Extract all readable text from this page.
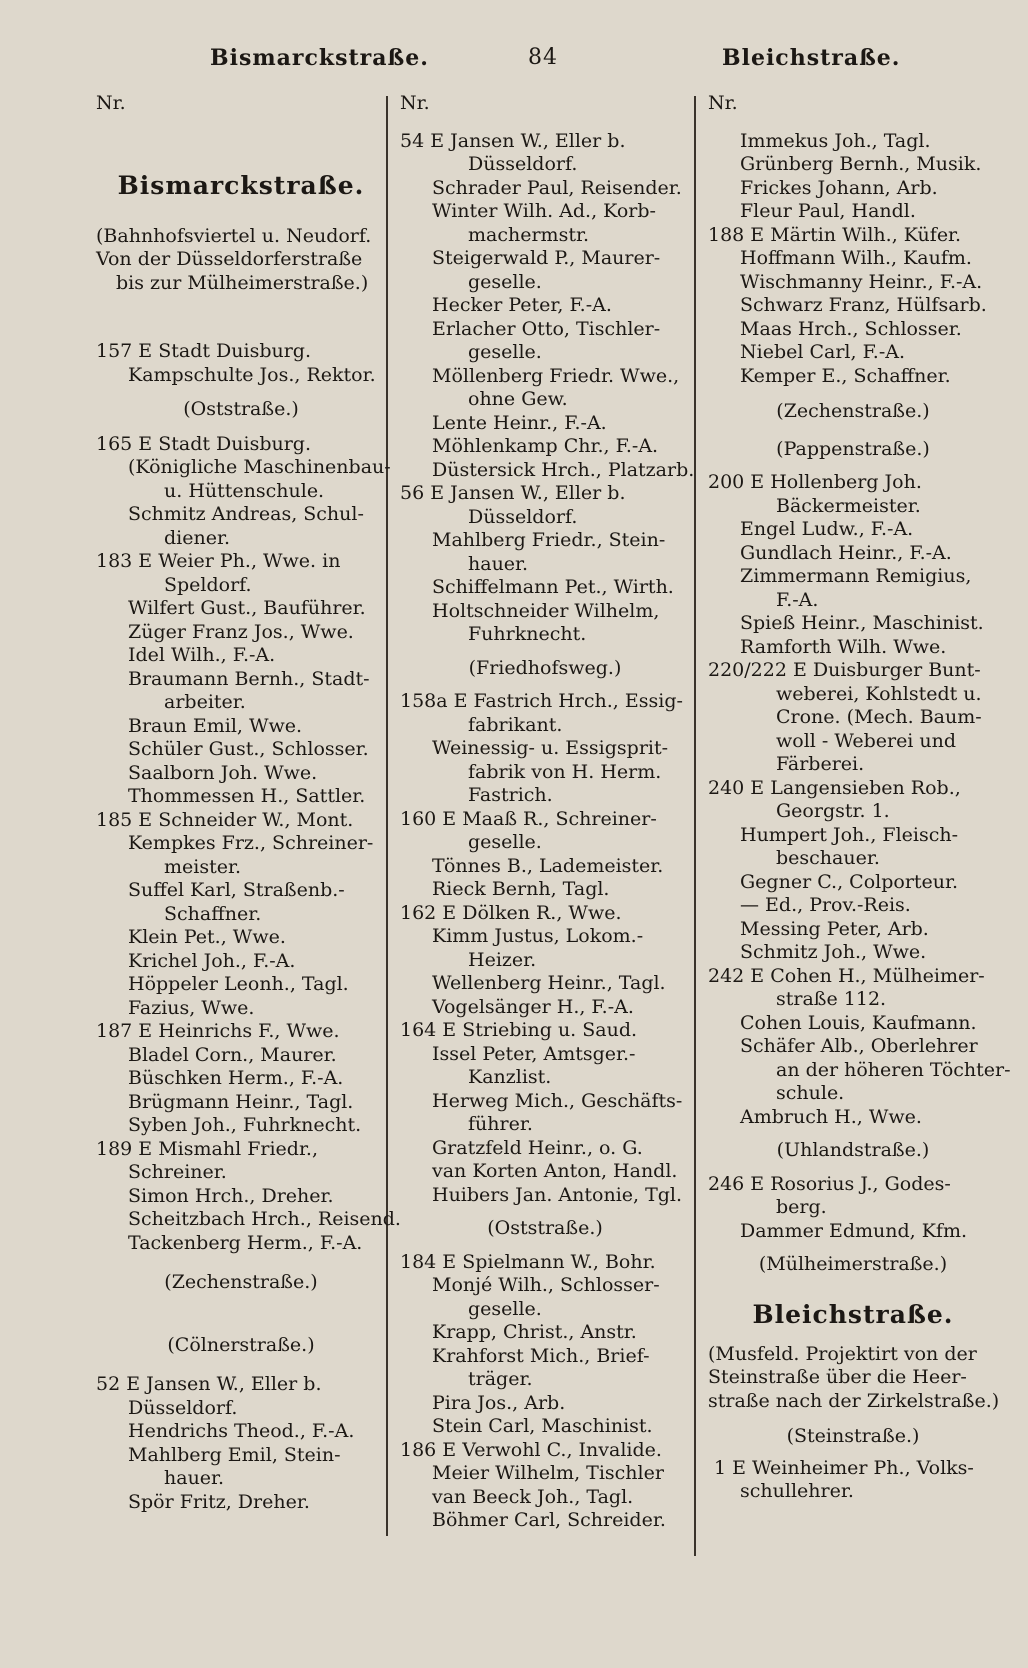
Bismarckstraße.	84	Bleichstraße.
Nr.
Bismarckstraße.
(Bahnhofsviertel u. Neudorf.
Von der Düsseldorferstraße
bis zur Mülheimerstraße.)
157 E Stadt Duisburg.
Kampschulte Jos., Rektor.
(Oststraße.)
165 E Stadt Duisburg.
(Königliche Maschinenbau-
u. Hüttenschule.
Schmitz Andreas, Schul-
diener.
183 E Weier Ph., Wwe. in
Speldorf.
Wilfert Gust., Bauführer.
Züger Franz Jos., Wwe.
Idel Wilh., F.-A.
Braumann Bernh., Stadt-
arbeiter.
Braun Emil, Wwe.
Schüler Gust., Schlosser.
Saalborn Joh. Wwe.
Thommessen H., Sattler.
185 E Schneider W., Mont.
Kempkes Frz., Schreiner-
meister.
Suffel Karl, Straßenb.-
Schaffner.
Klein Pet., Wwe.
Krichel Joh., F.-A.
Höppeler Leonh., Tagl.
Fazius, Wwe.
187 E Heinrichs F., Wwe.
Bladel Corn., Maurer.
Büschken Herm., F.-A.
Brügmann Heinr., Tagl.
Syben Joh., Fuhrknecht.
189 E Mismahl Friedr.,
Schreiner.
Simon Hrch., Dreher.
Scheitzbach Hrch., Reisend.
Tackenberg Herm., F.-A.
(Zechenstraße.)
(Cölnerstraße.)
52 E Jansen W., Eller b.
Düsseldorf.
Hendrichs Theod., F.-A.
Mahlberg Emil, Stein-
hauer.
Spör Fritz, Dreher.
Nr.
54 E Jansen W., Eller b.
Düsseldorf.
Schrader Paul, Reisender.
Winter Wilh. Ad., Korb-
machermstr.
Steigerwald P., Maurer-
geselle.
Hecker Peter, F.-A.
Erlacher Otto, Tischler-
geselle.
Möllenberg Friedr. Wwe.,
ohne Gew.
Lente Heinr., F.-A.
Möhlenkamp Chr., F.-A.
Düstersick Hrch., Platzarb.
56 E Jansen W., Eller b.
Düsseldorf.
Mahlberg Friedr., Stein-
hauer.
Schiffelmann Pet., Wirth.
Holtschneider Wilhelm,
Fuhrknecht.
(Friedhofsweg.)
158a E Fastrich Hrch., Essig-
fabrikant.
Weinessig- u. Essigsprit-
fabrik von H. Herm.
Fastrich.
160 E Maaß R., Schreiner-
geselle.
Tönnes B., Lademeister.
Rieck Bernh, Tagl.
162 E Dölken R., Wwe.
Kimm Justus, Lokom.-
Heizer.
Wellenberg Heinr., Tagl.
Vogelsänger H., F.-A.
164 E Striebing u. Saud.
Issel Peter, Amtsger.-
Kanzlist.
Herweg Mich., Geschäfts-
führer.
Gratzfeld Heinr., o. G.
van Korten Anton, Handl.
Huibers Jan. Antonie, Tgl.
(Oststraße.)
184 E Spielmann W., Bohr.
Monjé Wilh., Schlosser-
geselle.
Krapp, Christ., Anstr.
Krahforst Mich., Brief-
träger.
Pira Jos., Arb.
Stein Carl, Maschinist.
186 E Verwohl C., Invalide.
Meier Wilhelm, Tischler
van Beeck Joh., Tagl.
Böhmer Carl, Schreider.
Nr.
Immekus Joh., Tagl.
Grünberg Bernh., Musik.
Frickes Johann, Arb.
Fleur Paul, Handl.
188 E Märtin Wilh., Küfer.
Hoffmann Wilh., Kaufm.
Wischmanny Heinr., F.-A.
Schwarz Franz, Hülfsarb.
Maas Hrch., Schlosser.
Niebel Carl, F.-A.
Kemper E., Schaffner.
(Zechenstraße.)
(Pappenstraße.)
200 E Hollenberg Joh.
Bäckermeister.
Engel Ludw., F.-A.
Gundlach Heinr., F.-A.
Zimmermann Remigius,
F.-A.
Spieß Heinr., Maschinist.
Ramforth Wilh. Wwe.
220/222 E Duisburger Bunt-
weberei, Kohlstedt u.
Crone. (Mech. Baum-
woll - Weberei und
Färberei.
240 E Langensieben Rob.,
Georgstr. 1.
Humpert Joh., Fleisch-
beschauer.
Gegner C., Colporteur.
— Ed., Prov.-Reis.
Messing Peter, Arb.
Schmitz Joh., Wwe.
242 E Cohen H., Mülheimer-
straße 112.
Cohen Louis, Kaufmann.
Schäfer Alb., Oberlehrer
an der höheren Töchter-
schule.
Ambruch H., Wwe.
(Uhlandstraße.)
246 E Rosorius J., Godes-
berg.
Dammer Edmund, Kfm.
(Mülheimerstraße.)
Bleichstraße.
(Musfeld. Projektirt von der
Steinstraße über die Heer-
straße nach der Zirkelstraße.)
(Steinstraße.)
1 E Weinheimer Ph., Volks-
schullehrer.
